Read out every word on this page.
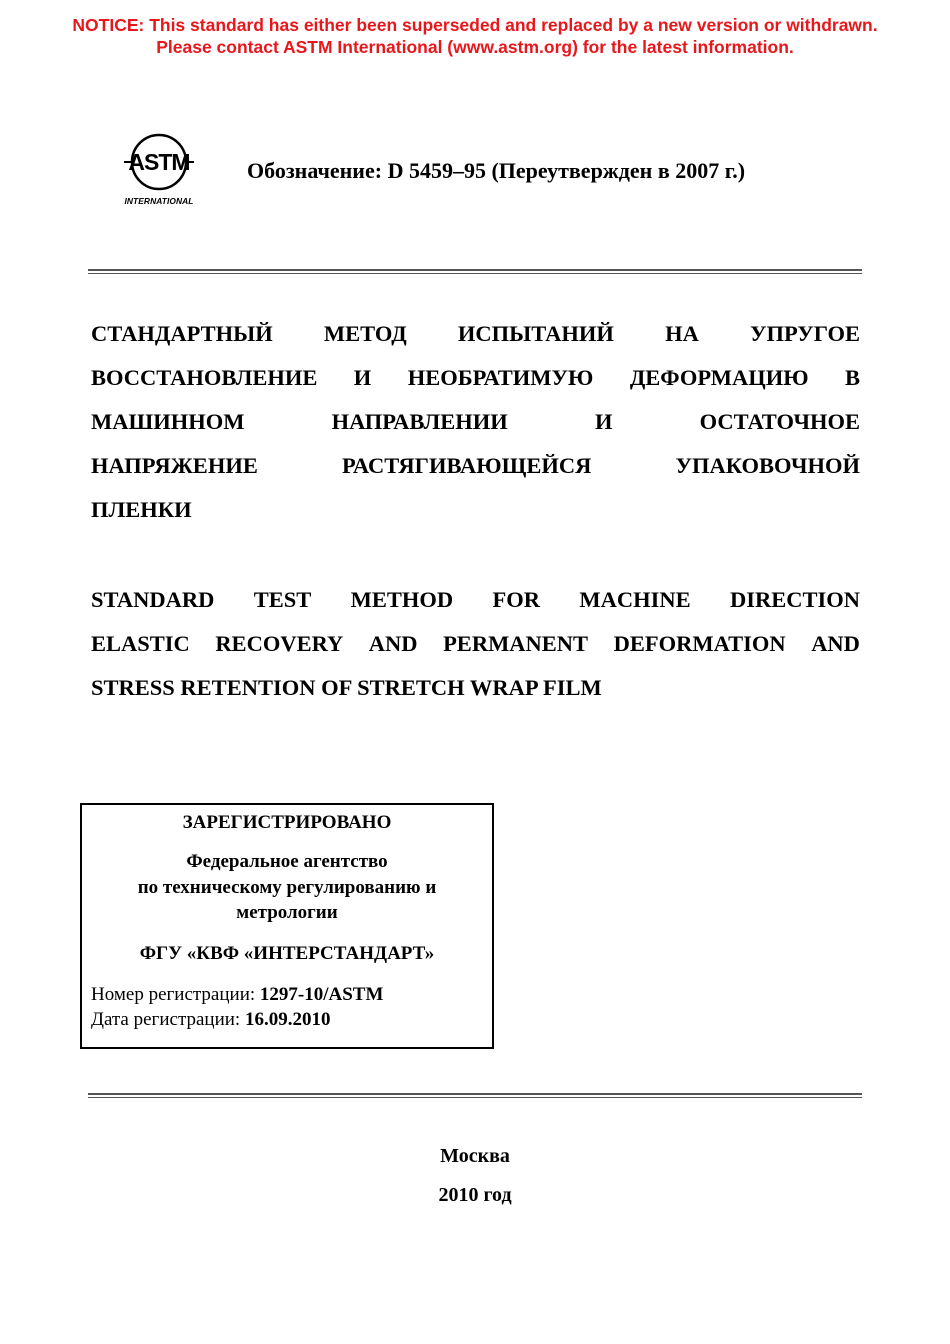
NOTICE: This standard has either been superseded and replaced by a new version or withdrawn.
Please contact ASTM International (www.astm.org) for the latest information.
ASTM
INTERNATIONAL
Обозначение: D 5459–95 (Переутвержден в 2007 г.)
СТАНДАРТНЫЙ МЕТОД ИСПЫТАНИЙ НА УПРУГОЕ
ВОССТАНОВЛЕНИЕ И НЕОБРАТИМУЮ ДЕФОРМАЦИЮ В
МАШИННОМ	НАПРАВЛЕНИИ	И	ОСТАТОЧНОЕ
НАПРЯЖЕНИЕ	РАСТЯГИВАЮЩЕЙСЯ	УПАКОВОЧНОЙ
ПЛЕНКИ
STANDARD TEST METHOD FOR MACHINE DIRECTION
ELASTIC RECOVERY AND PERMANENT DEFORMATION AND
STRESS RETENTION OF STRETCH WRAP FILM
ЗАРЕГИСТРИРОВАНО
Федеральное агентство
по техническому регулированию и
метрологии
ФГУ «КВФ «ИНТЕРСТАНДАРТ»
Номер регистрации: 1297-10/ASTM
Дата регистрации: 16.09.2010
Москва
2010 год
